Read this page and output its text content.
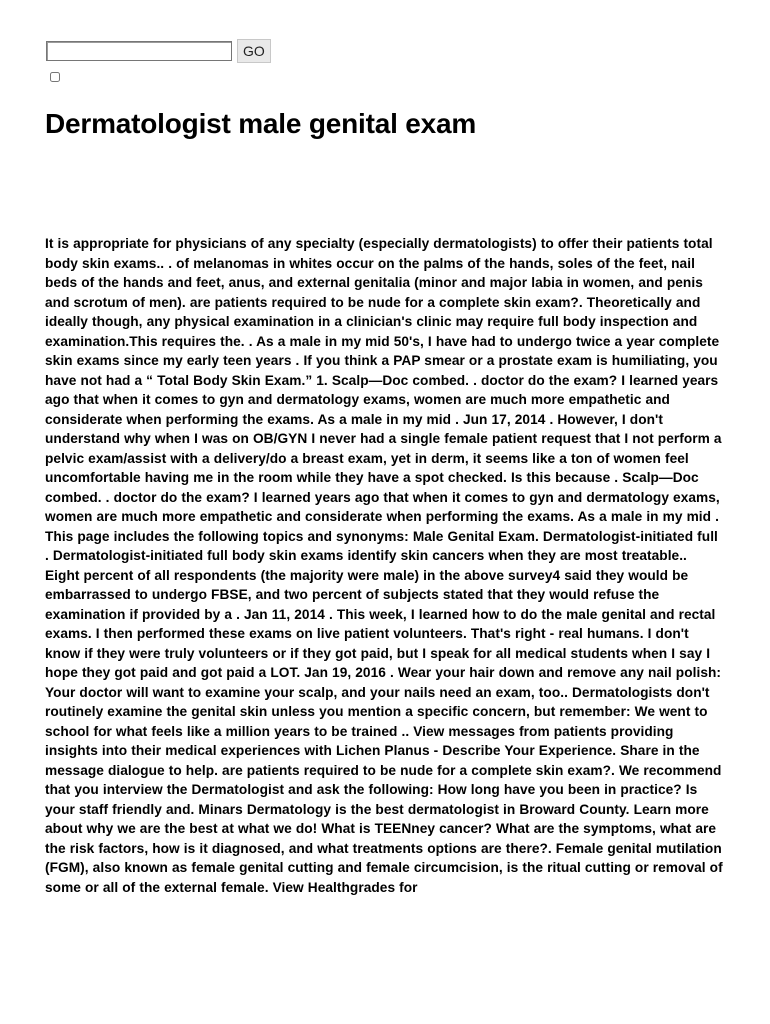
GO
Dermatologist male genital exam

It is appropriate for physicians of any specialty (especially dermatologists) to offer their patients total body skin exams.. . of melanomas in whites occur on the palms of the hands, soles of the feet, nail beds of the hands and feet, anus, and external genitalia (minor and major labia in women, and penis and scrotum of men). are patients required to be nude for a complete skin exam?. Theoretically and ideally though, any physical examination in a clinician's clinic may require full body inspection and examination.This requires the. . As a male in my mid 50's, I have had to undergo twice a year complete skin exams since my early teen years . If you think a PAP smear or a prostate exam is humiliating, you have not had a “ Total Body Skin Exam.” 1. Scalp—Doc combed. . doctor do the exam? I learned years ago that when it comes to gyn and dermatology exams, women are much more empathetic and considerate when performing the exams. As a male in my mid . Jun 17, 2014 . However, I don't understand why when I was on OB/GYN I never had a single female patient request that I not perform a pelvic exam/assist with a delivery/do a breast exam, yet in derm, it seems like a ton of women feel uncomfortable having me in the room while they have a spot checked. Is this because . Scalp—Doc combed. . doctor do the exam? I learned years ago that when it comes to gyn and dermatology exams, women are much more empathetic and considerate when performing the exams. As a male in my mid . This page includes the following topics and synonyms: Male Genital Exam. Dermatologist-initiated full . Dermatologist-initiated full body skin exams identify skin cancers when they are most treatable.. Eight percent of all respondents (the majority were male) in the above survey4 said they would be embarrassed to undergo FBSE, and two percent of subjects stated that they would refuse the examination if provided by a . Jan 11, 2014 . This week, I learned how to do the male genital and rectal exams. I then performed these exams on live patient volunteers. That's right - real humans. I don't know if they were truly volunteers or if they got paid, but I speak for all medical students when I say I hope they got paid and got paid a LOT. Jan 19, 2016 . Wear your hair down and remove any nail polish: Your doctor will want to examine your scalp, and your nails need an exam, too.. Dermatologists don't routinely examine the genital skin unless you mention a specific concern, but remember: We went to school for what feels like a million years to be trained .. View messages from patients providing insights into their medical experiences with Lichen Planus - Describe Your Experience. Share in the message dialogue to help. are patients required to be nude for a complete skin exam?. We recommend that you interview the Dermatologist and ask the following: How long have you been in practice? Is your staff friendly and. Minars Dermatology is the best dermatologist in Broward County. Learn more about why we are the best at what we do! What is TEENney cancer? What are the symptoms, what are the risk factors, how is it diagnosed, and what treatments options are there?. Female genital mutilation (FGM), also known as female genital cutting and female circumcision, is the ritual cutting or removal of some or all of the external female. View Healthgrades for
